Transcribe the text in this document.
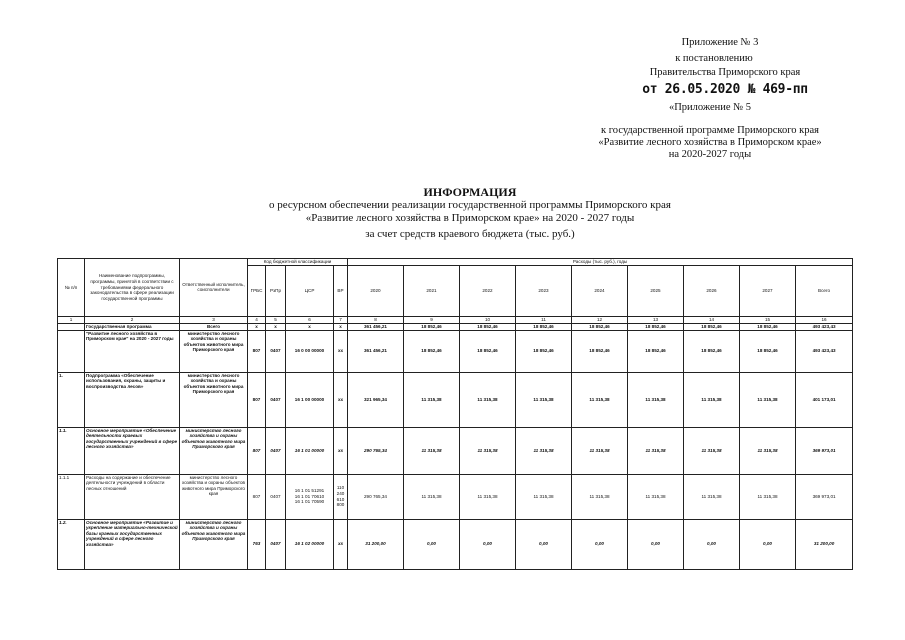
Приложение № 3
к постановлению
Правительства Приморского края
от 26.05.2020 № 469-пп
«Приложение № 5
к государственной программе Приморского края
«Развитие лесного хозяйства в Приморском крае»
на 2020-2027 годы
ИНФОРМАЦИЯ
о ресурсном обеспечении реализации государственной программы Приморского края
«Развитие лесного хозяйства в Приморском крае» на 2020 - 2027 годы
за счет средств краевого бюджета (тыс. руб.)
№ п/п	Наименование подпрограммы, программы, принятой в соответствии с требованиями федерального законодательства в сфере реализации государственной программы	Ответственный исполнитель, соисполнители	Код бюджетной классификации				Расходы (тыс. руб.), годы								
			ГРБС	РзПр	ЦСР	ВР	2020	2021	2022	2023	2024	2025	2026	2027	Всего
1	2	3	4	5	6	7	8	9	10	11	12	13	14	15	16
	Государственная программа	Всего	х	х	х	х	361 456,21	18 852,46	18 852,46	18 852,46	18 852,46	18 852,46	18 852,46	18 852,46	493 423,43
	"Развитие лесного хозяйства в Приморском крае" на 2020 - 2027 годы	министерство лесного хозяйства и охраны объектов животного мира Приморского края	807	0407	16 0 00 00000	хх	361 456,21	18 852,46	18 852,46	18 852,46	18 852,46	18 852,46	18 852,46	18 852,46	493 423,43
1.	Подпрограмма «Обеспечение использования, охраны, защиты и воспроизводства лесов»	министерство лесного хозяйства и охраны объектов животного мира Приморского края	807	0407	16 1 00 00000	хх	321 965,34	11 315,38	11 315,38	11 315,38	11 315,38	11 315,38	11 315,38	11 315,38	401 173,01
1.1.	Основное мероприятие «Обеспечение деятельности краевых государственных учреждений в сфере лесного хозяйства»	министерство лесного хозяйства и охраны объектов животного мира Приморского края	807	0407	16 1 01 00000	хх	290 765,34	11 315,38	11 315,38	11 315,38	11 315,38	11 315,38	11 315,38	11 315,38	369 973,01
1.1.1	Расходы на содержание и обеспечение деятельности учреждений в области лесных отношений	министерство лесного хозяйства и охраны объектов животного мира Приморского края	807	0407	16 1 01 51291
16 1 01 70610
16 1 01 70590	110
240
610
800	290 765,34	11 315,38	11 315,38	11 315,38	11 315,38	11 315,38	11 315,38	11 315,38	369 973,01
1.2.	Основное мероприятие «Развитие и укрепление материально-технической базы краевых государственных учреждений в сфере лесного хозяйства»	министерство лесного хозяйства и охраны объектов животного мира Приморского края	763	0407	16 1 02 00000	хх	31 200,00	0,00	0,00	0,00	0,00	0,00	0,00	0,00	31 200,00
